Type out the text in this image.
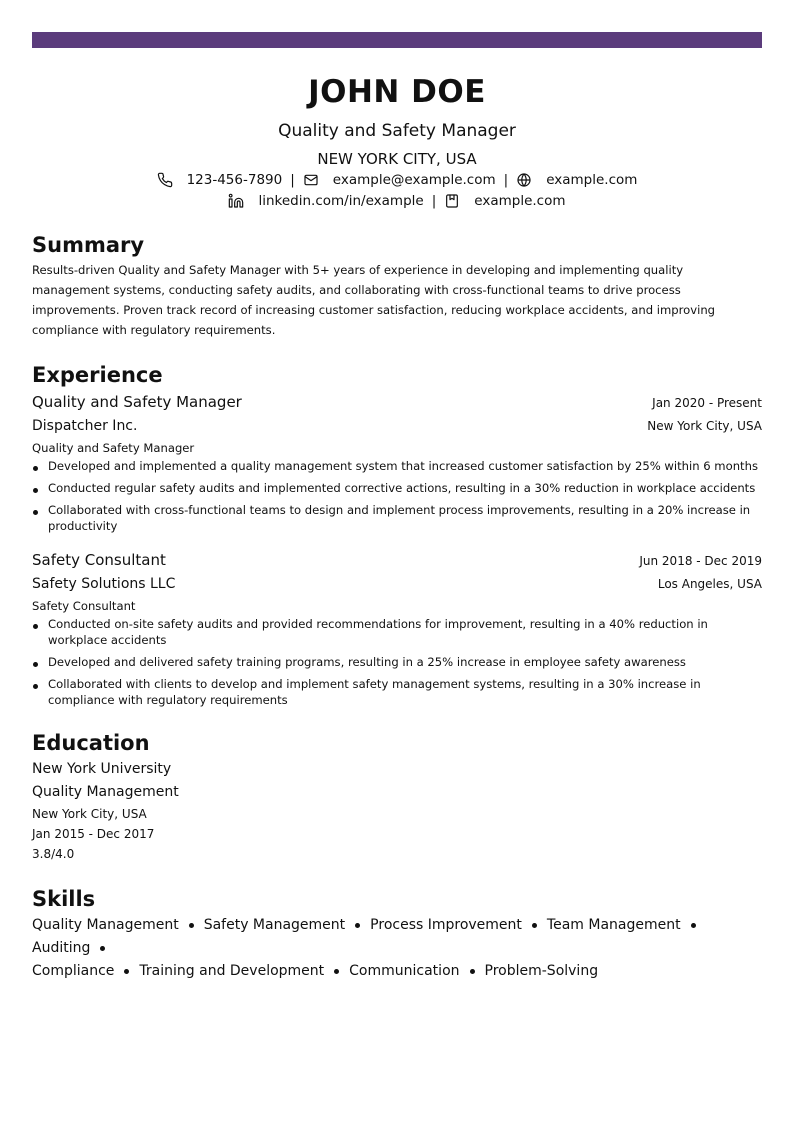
JOHN DOE
Quality and Safety Manager
NEW YORK CITY, USA
123-456-7890 |	example@example.com |	example.com
linkedin.com/in/example |	example.com
Summary
Results-driven Quality and Safety Manager with 5+ years of experience in developing and implementing quality management systems, conducting safety audits, and collaborating with cross-functional teams to drive process improvements. Proven track record of increasing customer satisfaction, reducing workplace accidents, and improving compliance with regulatory requirements.
Experience
Quality and Safety Manager	Jan 2020 - Present
Dispatcher Inc.	New York City, USA
Quality and Safety Manager
Developed and implemented a quality management system that increased customer satisfaction by 25% within 6 months
Conducted regular safety audits and implemented corrective actions, resulting in a 30% reduction in workplace accidents
Collaborated with cross-functional teams to design and implement process improvements, resulting in a 20% increase in productivity
Safety Consultant	Jun 2018 - Dec 2019
Safety Solutions LLC	Los Angeles, USA
Safety Consultant
Conducted on-site safety audits and provided recommendations for improvement, resulting in a 40% reduction in workplace accidents
Developed and delivered safety training programs, resulting in a 25% increase in employee safety awareness
Collaborated with clients to develop and implement safety management systems, resulting in a 30% increase in compliance with regulatory requirements
Education
New York University
Quality Management
New York City, USA
Jan 2015 - Dec 2017
3.8/4.0
Skills
Quality Management Safety Management Process Improvement Team ManagementAuditing
Compliance Training and Development Communication Problem-Solving
